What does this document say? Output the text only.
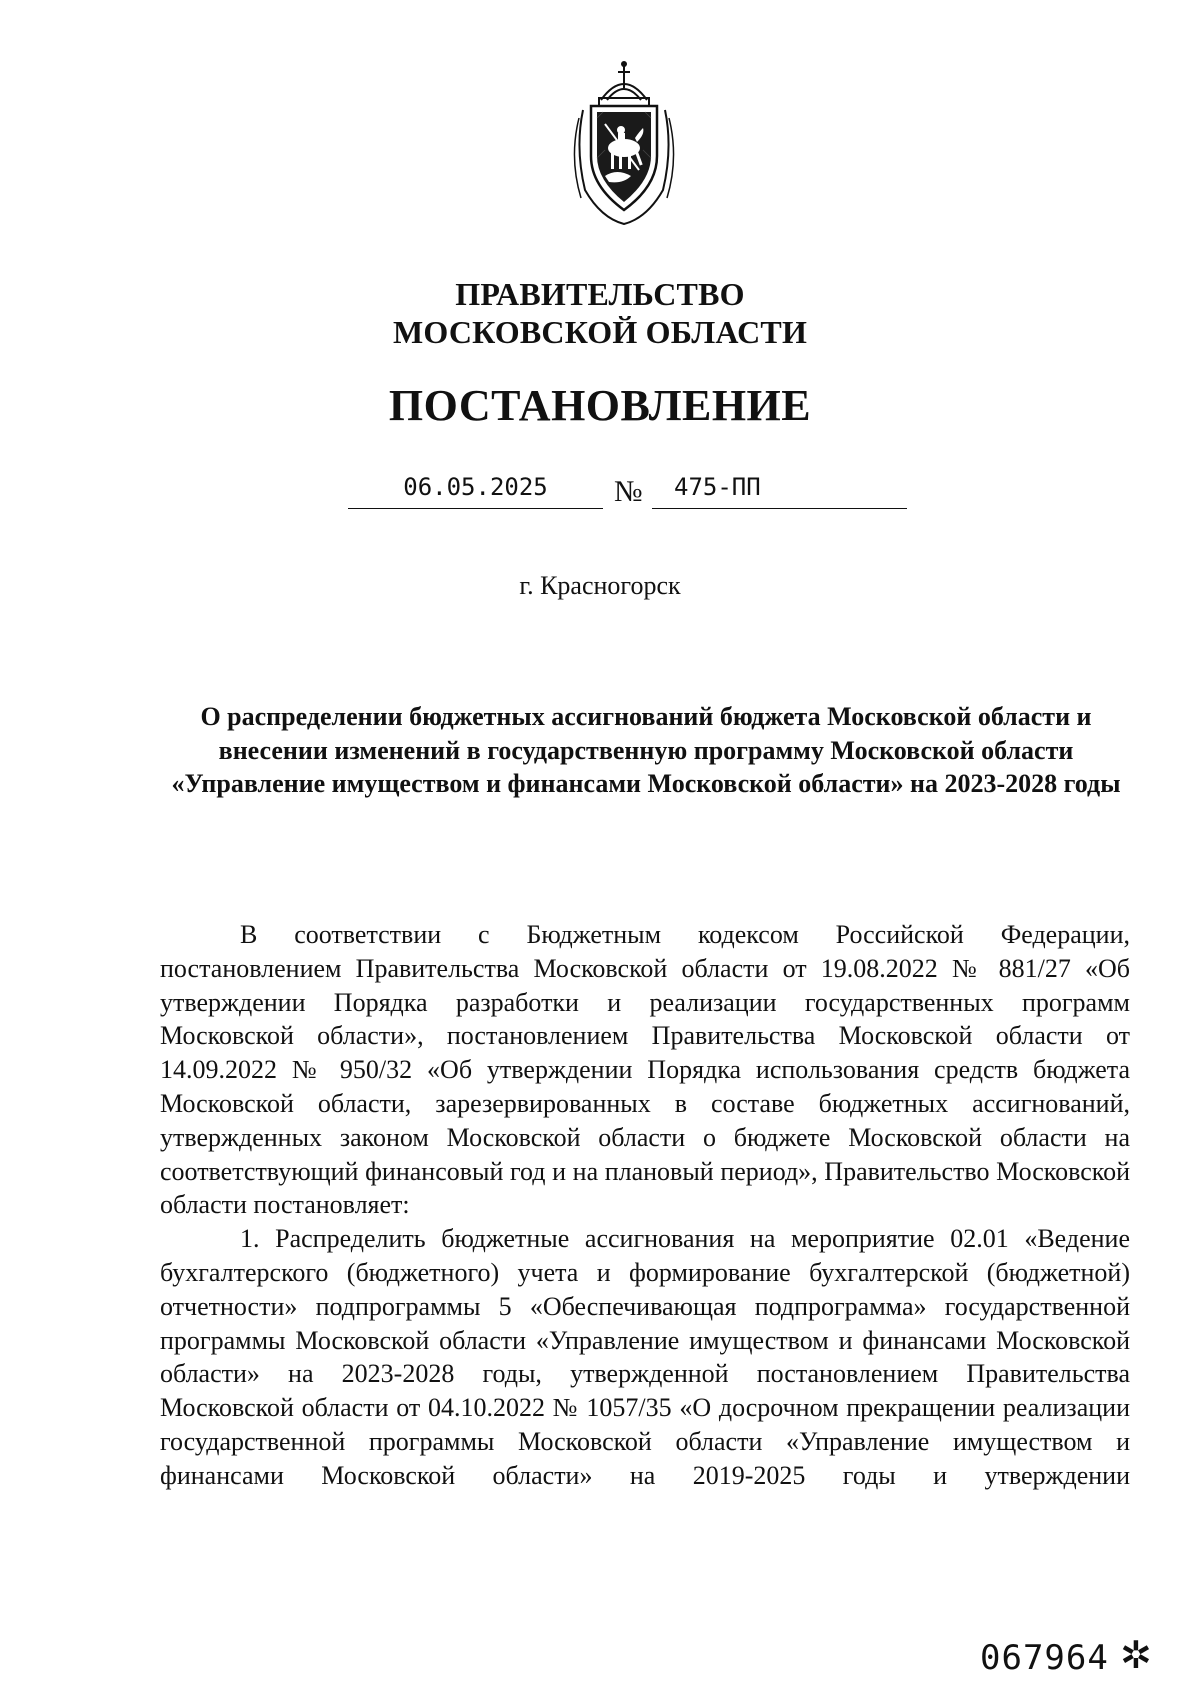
ПРАВИТЕЛЬСТВО
МОСКОВСКОЙ ОБЛАСТИ
ПОСТАНОВЛЕНИЕ
06.05.2025	№ 475-ПП
г. Красногорск
О распределении бюджетных ассигнований бюджета Московской области и внесении изменений в государственную программу Московской области «Управление имуществом и финансами Московской области» на 2023-2028 годы
В соответствии с Бюджетным кодексом Российской Федерации, постановлением Правительства Московской области от 19.08.2022 № 881/27 «Об утверждении Порядка разработки и реализации государственных программ Московской области», постановлением Правительства Московской области от 14.09.2022 № 950/32 «Об утверждении Порядка использования средств бюджета Московской области, зарезервированных в составе бюджетных ассигнований, утвержденных законом Московской области о бюджете Московской области на соответствующий финансовый год и на плановый период», Правительство Московской области постановляет:
1. Распределить бюджетные ассигнования на мероприятие 02.01 «Ведение бухгалтерского (бюджетного) учета и формирование бухгалтерской (бюджетной) отчетности» подпрограммы 5 «Обеспечивающая подпрограмма» государственной программы Московской области «Управление имуществом и финансами Московской области» на 2023-2028 годы, утвержденной постановлением Правительства Московской области от 04.10.2022 № 1057/35 «О досрочном прекращении реализации государственной программы Московской области «Управление имуществом и финансами Московской области» на 2019-2025 годы и утверждении
067964 ✲
